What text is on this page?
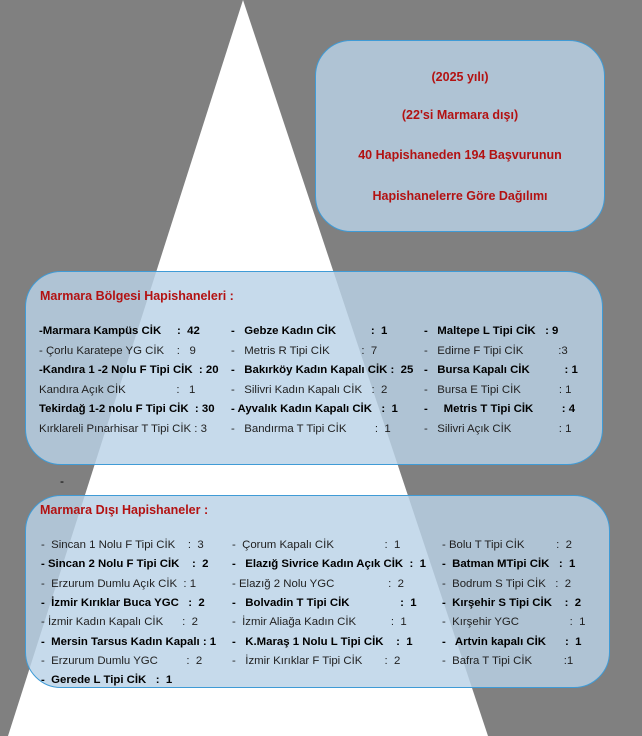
(2025 yılı)
(22'si Marmara dışı)
40 Hapishaneden 194 Başvurunun
Hapishanelerre Göre Dağılımı
Marmara Bölgesi Hapishaneleri :
-Marmara Kampüs CİK     :  42	-   Gebze Kadın CİK           :  1	-   Maltepe L Tipi CİK   : 9
- Çorlu Karatepe YG CİK    :   9	-   Metris R Tipi CİK          :  7	-   Edirne F Tipi CİK           :3
-Kandıra 1 -2 Nolu F Tipi CİK  : 20 -   Bakırköy Kadın Kapalı CİK :  25 -   Bursa Kapalı CİK           : 1
Kandıra Açık CİK                :   1	-   Silivri Kadın Kapalı CİK   :  2	-   Bursa E Tipi CİK            : 1
Tekirdağ 1-2 nolu F Tipi CİK  : 30 - Ayvalık Kadın Kapalı CİK   :  1 -     Metris T Tipi CİK         : 4
Kırklareli Pınarhisar T Tipi CİK : 3 -   Bandırma T Tipi CİK         :  1	-   Silivri Açık CİK               : 1
-
Marmara Dışı Hapishaneler :
-  Sincan 1 Nolu F Tipi CİK    :  3 -  Çorum Kapalı CİK                :  1	- Bolu T Tipi CİK          :  2
- Sincan 2 Nolu F Tipi CİK    :  2 -   Elazığ Sivrice Kadın Açık CİK  :  1 -  Batman MTipi CİK   :  1
-  Erzurum Dumlu Açık CİK  : 1	- Elazığ 2 Nolu YGC                 :  2	-  Bodrum S Tipi CİK   :  2
-  İzmir Kırıklar Buca YGC   :  2 -   Bolvadin T Tipi CİK                :  1 -  Kırşehir S Tipi CİK    :  2
- İzmir Kadın Kapalı CİK      :  2	-  İzmir Aliağa Kadın CİK           :  1	-  Kırşehir YGC                :  1
-  Mersin Tarsus Kadın Kapalı : 1 -   K.Maraş 1 Nolu L Tipi CİK    :  1	-   Artvin kapalı CİK      :  1
-  Erzurum Dumlu YGC         :  2	-   İzmir Kırıklar F Tipi CİK       :  2	-  Bafra T Tipi CİK          :1
-  Gerede L Tipi CİK   :  1
